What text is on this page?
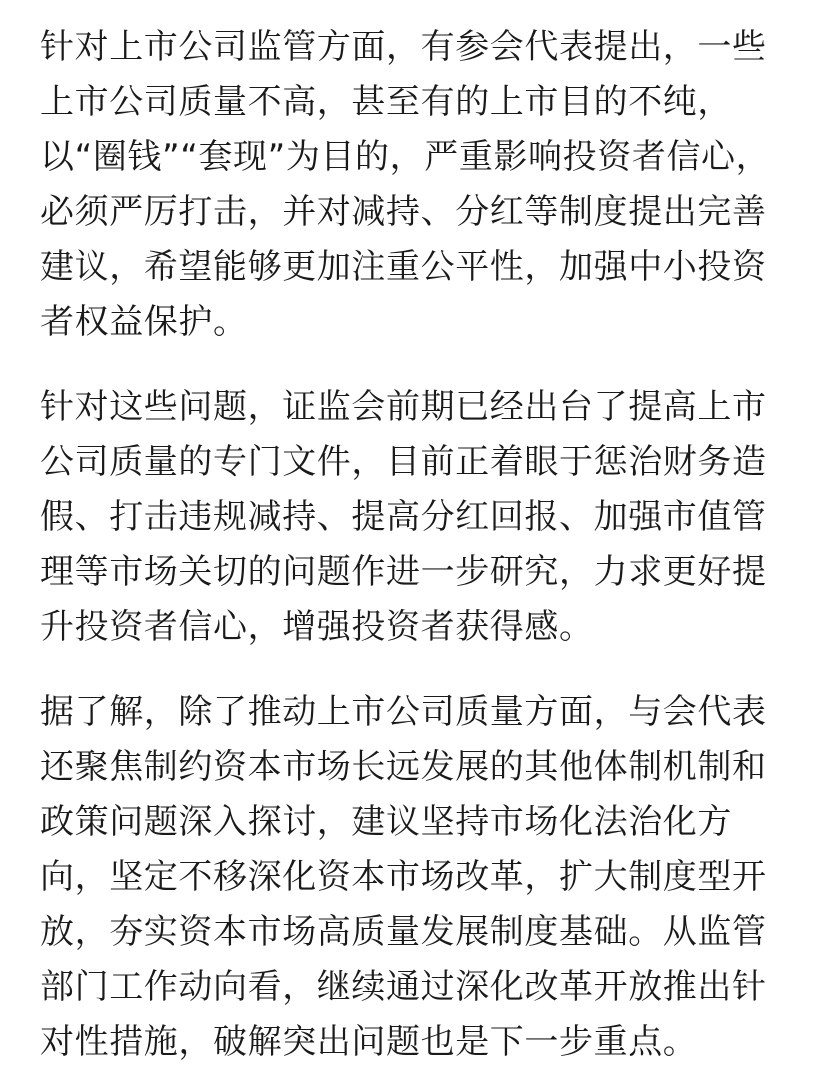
针对上市公司监管方面，有参会代表提出，一些上市公司质量不高，甚至有的上市目的不纯，以“圈钱”“套现”为目的，严重影响投资者信心，必须严厉打击，并对减持、分红等制度提出完善建议，希望能够更加注重公平性，加强中小投资者权益保护。

针对这些问题，证监会前期已经出台了提高上市公司质量的专门文件，目前正着眼于惩治财务造假、打击违规减持、提高分红回报、加强市值管理等市场关切的问题作进一步研究，力求更好提升投资者信心，增强投资者获得感。

据了解，除了推动上市公司质量方面，与会代表还聚焦制约资本市场长远发展的其他体制机制和政策问题深入探讨，建议坚持市场化法治化方向，坚定不移深化资本市场改革，扩大制度型开放，夯实资本市场高质量发展制度基础。从监管部门工作动向看，继续通过深化改革开放推出针对性措施，破解突出问题也是下一步重点。
